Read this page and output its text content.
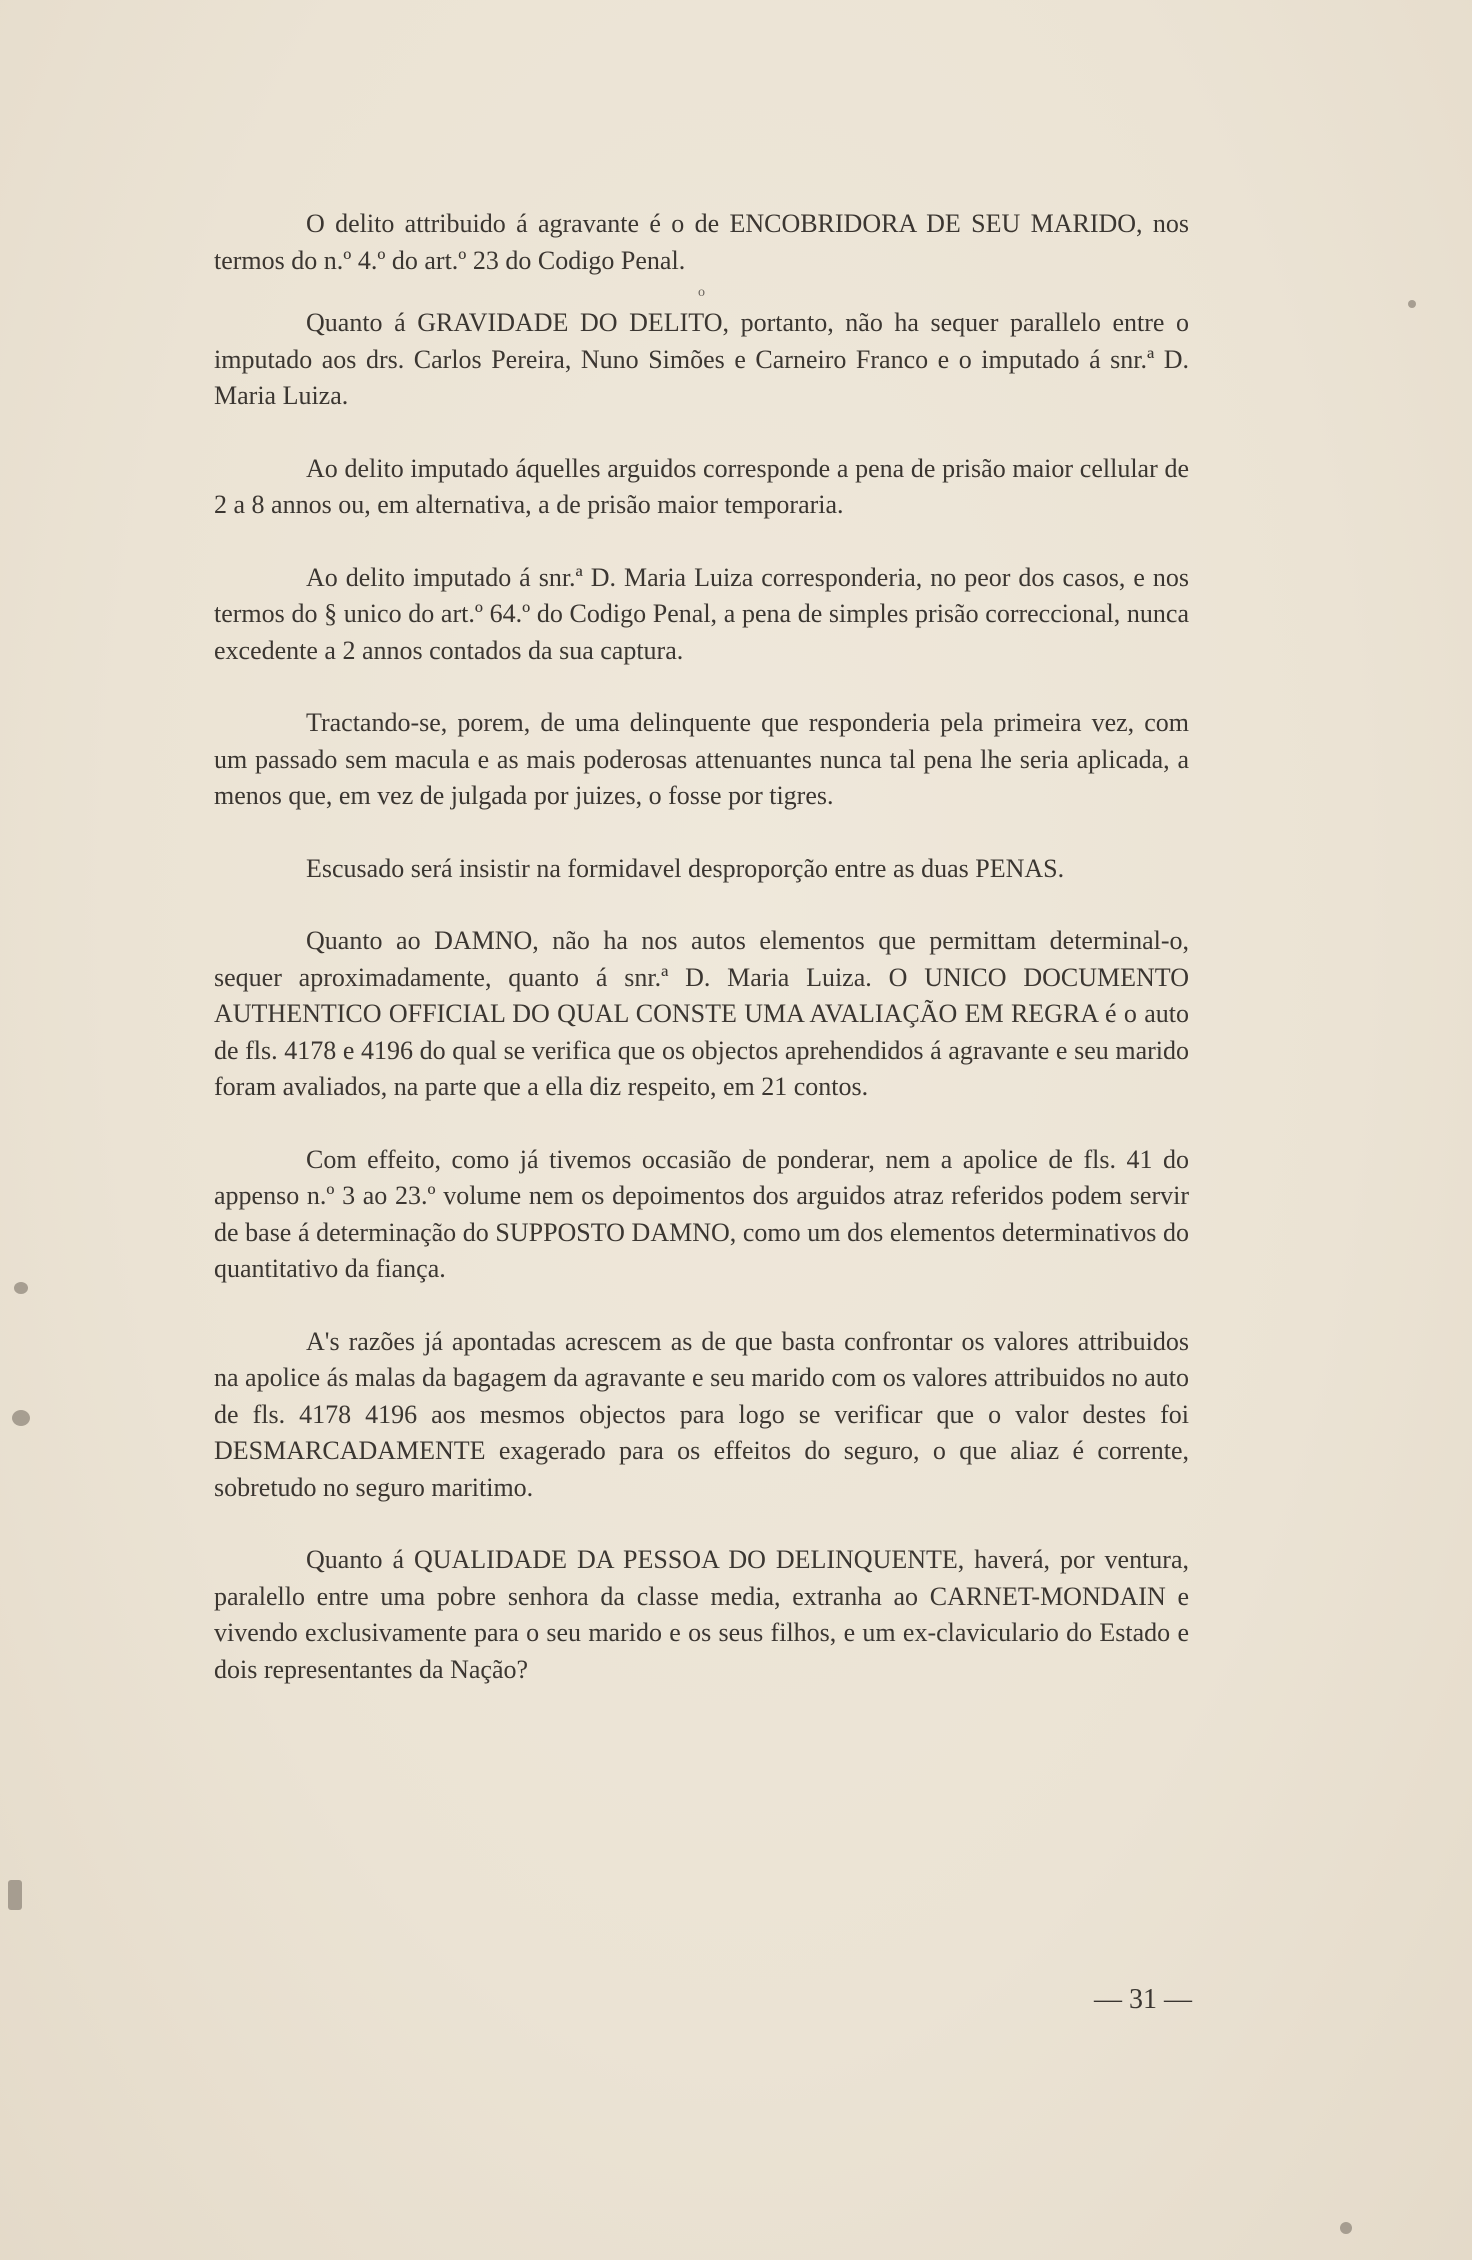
O delito attribuido á agravante é o de ENCOBRIDORA DE SEU MARIDO, nos termos do n.º 4.º do art.º 23 do Codigo Penal.

o

Quanto á GRAVIDADE DO DELITO, portanto, não ha sequer parallelo entre o imputado aos drs. Carlos Pereira, Nuno Simões e Carneiro Franco e o imputado á snr.ª D. Maria Luiza.

Ao delito imputado áquelles arguidos corresponde a pena de prisão maior cellular de 2 a 8 annos ou, em alternativa, a de prisão maior temporaria.

Ao delito imputado á snr.ª D. Maria Luiza corresponderia, no peor dos casos, e nos termos do § unico do art.º 64.º do Codigo Penal, a pena de simples prisão correccional, nunca excedente a 2 annos contados da sua captura.

Tractando-se, porem, de uma delinquente que responderia pela primeira vez, com um passado sem macula e as mais poderosas attenuantes nunca tal pena lhe seria aplicada, a menos que, em vez de julgada por juizes, o fosse por tigres.

Escusado será insistir na formidavel desproporção entre as duas PENAS.

Quanto ao DAMNO, não ha nos autos elementos que permittam determinal-o, sequer aproximadamente, quanto á snr.ª D. Maria Luiza. O UNICO DOCUMENTO AUTHENTICO OFFICIAL DO QUAL CONSTE UMA AVALIAÇÃO EM REGRA é o auto de fls. 4178 e 4196 do qual se verifica que os objectos aprehendidos á agravante e seu marido foram avaliados, na parte que a ella diz respeito, em 21 contos.

Com effeito, como já tivemos occasião de ponderar, nem a apolice de fls. 41 do appenso n.º 3 ao 23.º volume nem os depoimentos dos arguidos atraz referidos podem servir de base á determinação do SUPPOSTO DAMNO, como um dos elementos determinativos do quantitativo da fiança.

A's razões já apontadas acrescem as de que basta confrontar os valores attribuidos na apolice ás malas da bagagem da agravante e seu marido com os valores attribuidos no auto de fls. 4178 4196 aos mesmos objectos para logo se verificar que o valor destes foi DESMARCADAMENTE exagerado para os effeitos do seguro, o que aliaz é corrente, sobretudo no seguro maritimo.

Quanto á QUALIDADE DA PESSOA DO DELINQUENTE, haverá, por ventura, paralello entre uma pobre senhora da classe media, extranha ao CARNET-MONDAIN e vivendo exclusivamente para o seu marido e os seus filhos, e um ex-claviculario do Estado e dois representantes da Nação?

— 31 —
